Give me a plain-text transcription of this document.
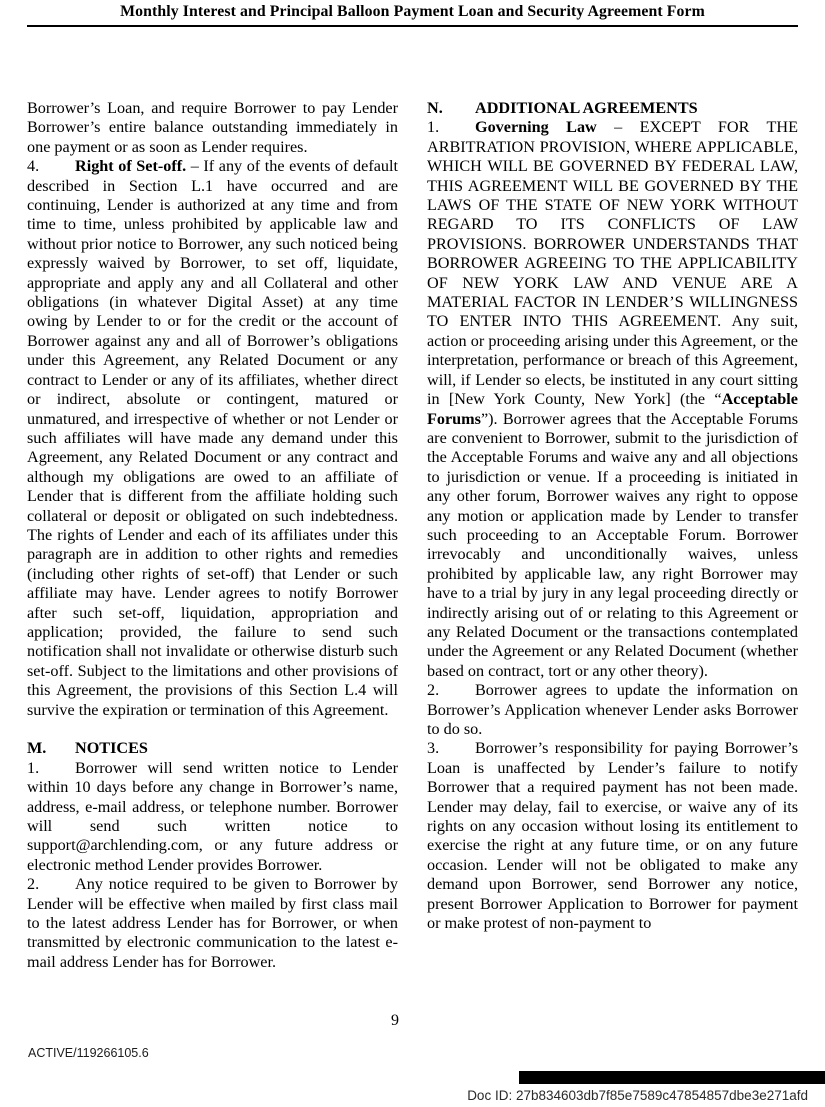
Monthly Interest and Principal Balloon Payment Loan and Security Agreement Form

Borrower’s Loan, and require Borrower to pay Lender Borrower’s entire balance outstanding immediately in one payment or as soon as Lender requires.

4. Right of Set-off. – If any of the events of default described in Section L.1 have occurred and are continuing, Lender is authorized at any time and from time to time, unless prohibited by applicable law and without prior notice to Borrower, any such noticed being expressly waived by Borrower, to set off, liquidate, appropriate and apply any and all Collateral and other obligations (in whatever Digital Asset) at any time owing by Lender to or for the credit or the account of Borrower against any and all of Borrower’s obligations under this Agreement, any Related Document or any contract to Lender or any of its affiliates, whether direct or indirect, absolute or contingent, matured or unmatured, and irrespective of whether or not Lender or such affiliates will have made any demand under this Agreement, any Related Document or any contract and although my obligations are owed to an affiliate of Lender that is different from the affiliate holding such collateral or deposit or obligated on such indebtedness. The rights of Lender and each of its affiliates under this paragraph are in addition to other rights and remedies (including other rights of set-off) that Lender or such affiliate may have. Lender agrees to notify Borrower after such set-off, liquidation, appropriation and application; provided, the failure to send such notification shall not invalidate or otherwise disturb such set-off. Subject to the limitations and other provisions of this Agreement, the provisions of this Section L.4 will survive the expiration or termination of this Agreement.

M. NOTICES

1. Borrower will send written notice to Lender within 10 days before any change in Borrower’s name, address, e-mail address, or telephone number. Borrower will send such written notice to support@archlending.com, or any future address or electronic method Lender provides Borrower.

2. Any notice required to be given to Borrower by Lender will be effective when mailed by first class mail to the latest address Lender has for Borrower, or when transmitted by electronic communication to the latest e-mail address Lender has for Borrower.

N. ADDITIONAL AGREEMENTS

1. Governing Law – EXCEPT FOR THE ARBITRATION PROVISION, WHERE APPLICABLE, WHICH WILL BE GOVERNED BY FEDERAL LAW, THIS AGREEMENT WILL BE GOVERNED BY THE LAWS OF THE STATE OF NEW YORK WITHOUT REGARD TO ITS CONFLICTS OF LAW PROVISIONS. BORROWER UNDERSTANDS THAT BORROWER AGREEING TO THE APPLICABILITY OF NEW YORK LAW AND VENUE ARE A MATERIAL FACTOR IN LENDER’S WILLINGNESS TO ENTER INTO THIS AGREEMENT. Any suit, action or proceeding arising under this Agreement, or the interpretation, performance or breach of this Agreement, will, if Lender so elects, be instituted in any court sitting in [New York County, New York] (the “Acceptable Forums”). Borrower agrees that the Acceptable Forums are convenient to Borrower, submit to the jurisdiction of the Acceptable Forums and waive any and all objections to jurisdiction or venue. If a proceeding is initiated in any other forum, Borrower waives any right to oppose any motion or application made by Lender to transfer such proceeding to an Acceptable Forum. Borrower irrevocably and unconditionally waives, unless prohibited by applicable law, any right Borrower may have to a trial by jury in any legal proceeding directly or indirectly arising out of or relating to this Agreement or any Related Document or the transactions contemplated under the Agreement or any Related Document (whether based on contract, tort or any other theory).

2. Borrower agrees to update the information on Borrower’s Application whenever Lender asks Borrower to do so.

3. Borrower’s responsibility for paying Borrower’s Loan is unaffected by Lender’s failure to notify Borrower that a required payment has not been made. Lender may delay, fail to exercise, or waive any of its rights on any occasion without losing its entitlement to exercise the right at any future time, or on any future occasion. Lender will not be obligated to make any demand upon Borrower, send Borrower any notice, present Borrower Application to Borrower for payment or make protest of non-payment to

9
ACTIVE/119266105.6
Doc ID: 27b834603db7f85e7589c47854857dbe3e271afd
